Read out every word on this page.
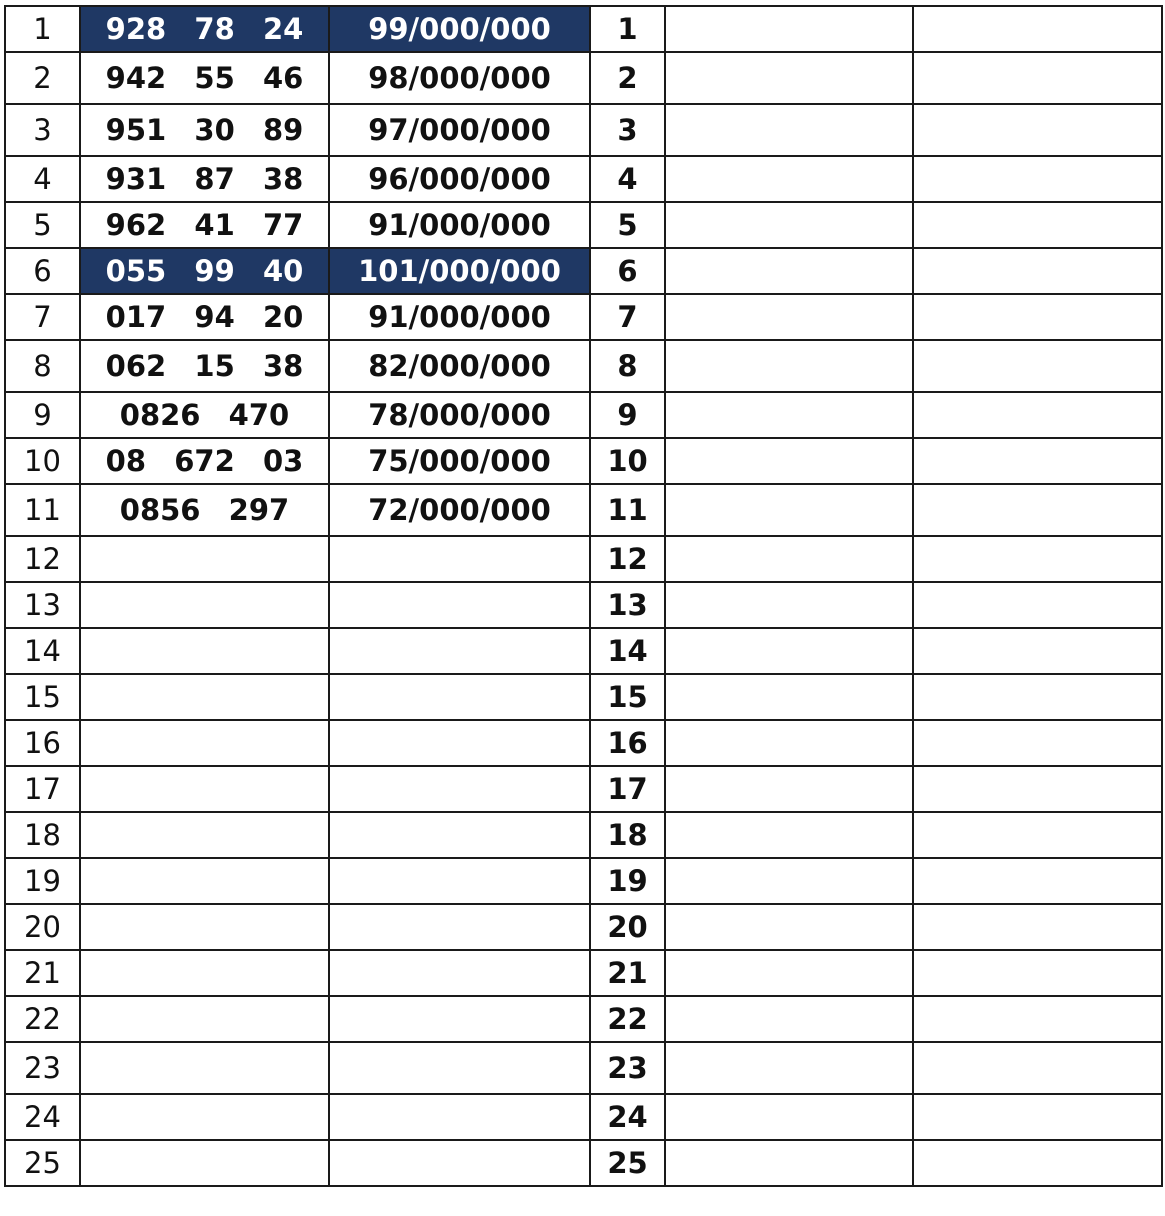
1	928  78  24	99/000/000	1		
2	942  55  46	98/000/000	2		
3	951  30  89	97/000/000	3		
4	931  87  38	96/000/000	4		
5	962  41  77	91/000/000	5		
6	055  99  40	101/000/000	6		
7	017  94  20	91/000/000	7		
8	062  15  38	82/000/000	8		
9	0826  470	78/000/000	9		
10	08  672  03	75/000/000	10		
11	0856  297	72/000/000	11		
12			12		
13			13		
14			14		
15			15		
16			16		
17			17		
18			18		
19			19		
20			20		
21			21		
22			22		
23			23		
24			24		
25			25		
